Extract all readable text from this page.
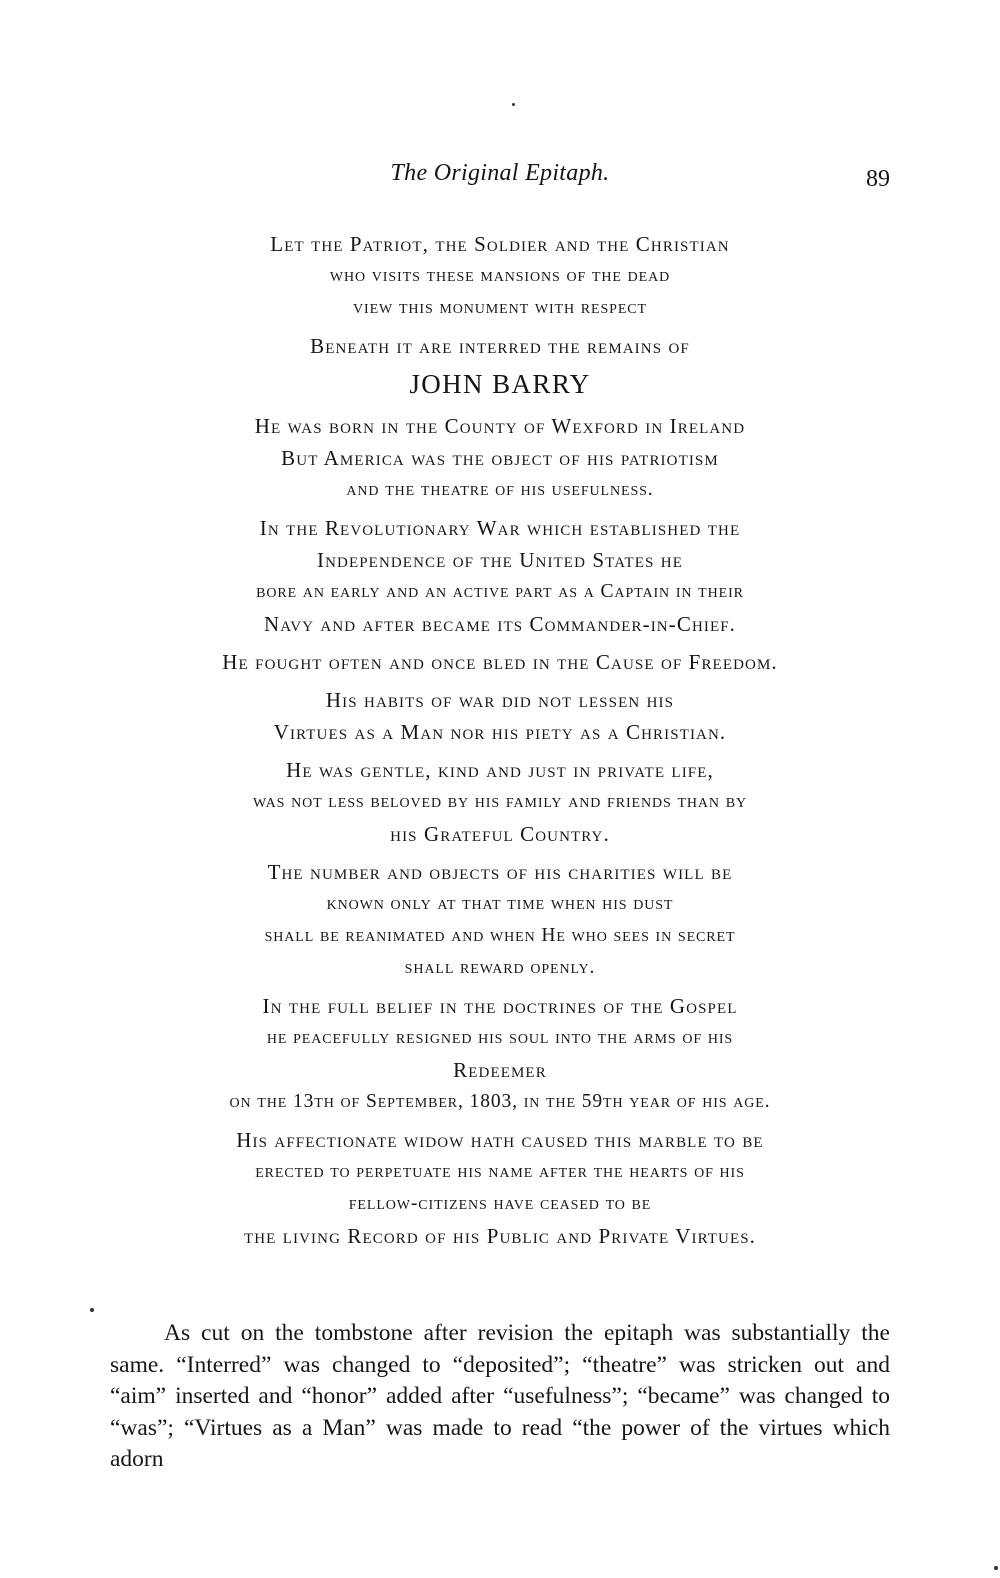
The Original Epitaph.	89
Let the Patriot, the Soldier and the Christian
who visits these mansions of the dead
view this monument with respect
Beneath it are interred the remains of
JOHN BARRY
He was born in the County of Wexford in Ireland
But America was the object of his patriotism
and the theatre of his usefulness.
In the Revolutionary War which established the
Independence of the United States he
bore an early and an active part as a Captain in their
Navy and after became its Commander-in-Chief.
He fought often and once bled in the Cause of Freedom.
His habits of war did not lessen his
Virtues as a Man nor his piety as a Christian.
He was gentle, kind and just in private life,
was not less beloved by his family and friends than by
his Grateful Country.
The number and objects of his charities will be
known only at that time when his dust
shall be reanimated and when He who sees in secret
shall reward openly.
In the full belief in the doctrines of the Gospel
he peacefully resigned his soul into the arms of his
Redeemer
on the 13th of September, 1803, in the 59th year of his age.
His affectionate widow hath caused this marble to be
erected to perpetuate his name after the hearts of his
fellow-citizens have ceased to be
the living Record of his Public and Private Virtues.

As cut on the tombstone after revision the epitaph was substantially the same. “Interred” was changed to “deposited”; “theatre” was stricken out and “aim” inserted and “honor” added after “usefulness”; “became” was changed to “was”; “Virtues as a Man” was made to read “the power of the virtues which adorn
